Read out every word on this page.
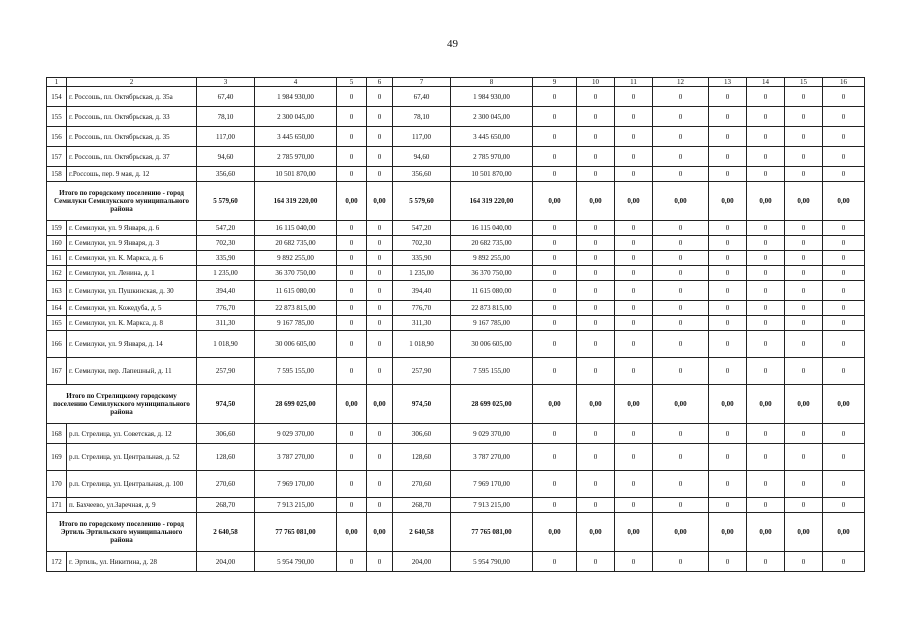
49
1	2	3	4	5	6	7	8	9	10	11	12	13	14	15	16
154	г. Россошь, пл. Октябрьская, д. 35а	67,40	1 984 930,00	0	0	67,40	1 984 930,00	0	0	0	0	0	0	0	0
155	г. Россошь, пл. Октябрьская, д. 33	78,10	2 300 045,00	0	0	78,10	2 300 045,00	0	0	0	0	0	0	0	0
156	г. Россошь, пл. Октябрьская, д. 35	117,00	3 445 650,00	0	0	117,00	3 445 650,00	0	0	0	0	0	0	0	0
157	г. Россошь, пл. Октябрьская, д. 37	94,60	2 785 970,00	0	0	94,60	2 785 970,00	0	0	0	0	0	0	0	0
158	г.Россошь, пер. 9 мая, д. 12	356,60	10 501 870,00	0	0	356,60	10 501 870,00	0	0	0	0	0	0	0	0
Итого по городскому поселению - город Семилуки Семилукского муниципального района		5 579,60	164 319 220,00	0,00	0,00	5 579,60	164 319 220,00	0,00	0,00	0,00	0,00	0,00	0,00	0,00	0,00
159	г. Семилуки, ул. 9 Января, д. 6	547,20	16 115 040,00	0	0	547,20	16 115 040,00	0	0	0	0	0	0	0	0
160	г. Семилуки, ул. 9 Января, д. 3	702,30	20 682 735,00	0	0	702,30	20 682 735,00	0	0	0	0	0	0	0	0
161	г. Семилуки, ул. К. Маркса, д. 6	335,90	9 892 255,00	0	0	335,90	9 892 255,00	0	0	0	0	0	0	0	0
162	г. Семилуки, ул. Ленина, д. 1	1 235,00	36 370 750,00	0	0	1 235,00	36 370 750,00	0	0	0	0	0	0	0	0
163	г. Семилуки, ул. Пушкинская, д. 30	394,40	11 615 080,00	0	0	394,40	11 615 080,00	0	0	0	0	0	0	0	0
164	г. Семилуки, ул. Кожедуба, д. 5	776,70	22 873 815,00	0	0	776,70	22 873 815,00	0	0	0	0	0	0	0	0
165	г. Семилуки, ул. К. Маркса, д. 8	311,30	9 167 785,00	0	0	311,30	9 167 785,00	0	0	0	0	0	0	0	0
166	г. Семилуки, ул. 9 Января, д. 14	1 018,90	30 006 605,00	0	0	1 018,90	30 006 605,00	0	0	0	0	0	0	0	0
167	г. Семилуки, пер. Лапешный, д. 11	257,90	7 595 155,00	0	0	257,90	7 595 155,00	0	0	0	0	0	0	0	0
Итого по Стрелицкому городскому поселению Семилукского муниципального района		974,50	28 699 025,00	0,00	0,00	974,50	28 699 025,00	0,00	0,00	0,00	0,00	0,00	0,00	0,00	0,00
168	р.п. Стрелица, ул. Советская, д. 12	306,60	9 029 370,00	0	0	306,60	9 029 370,00	0	0	0	0	0	0	0	0
169	р.п. Стрелица, ул. Центральная, д. 52	128,60	3 787 270,00	0	0	128,60	3 787 270,00	0	0	0	0	0	0	0	0
170	р.п. Стрелица, ул. Центральная, д. 100	270,60	7 969 170,00	0	0	270,60	7 969 170,00	0	0	0	0	0	0	0	0
171	п. Бахчеево, ул.Заречная, д. 9	268,70	7 913 215,00	0	0	268,70	7 913 215,00	0	0	0	0	0	0	0	0
Итого по городскому поселению - город Эртиль Эртильского муниципального района		2 640,58	77 765 081,00	0,00	0,00	2 640,58	77 765 081,00	0,00	0,00	0,00	0,00	0,00	0,00	0,00	0,00
172	г. Эртиль, ул. Никитина, д. 28	204,00	5 954 790,00	0	0	204,00	5 954 790,00	0	0	0	0	0	0	0	0
